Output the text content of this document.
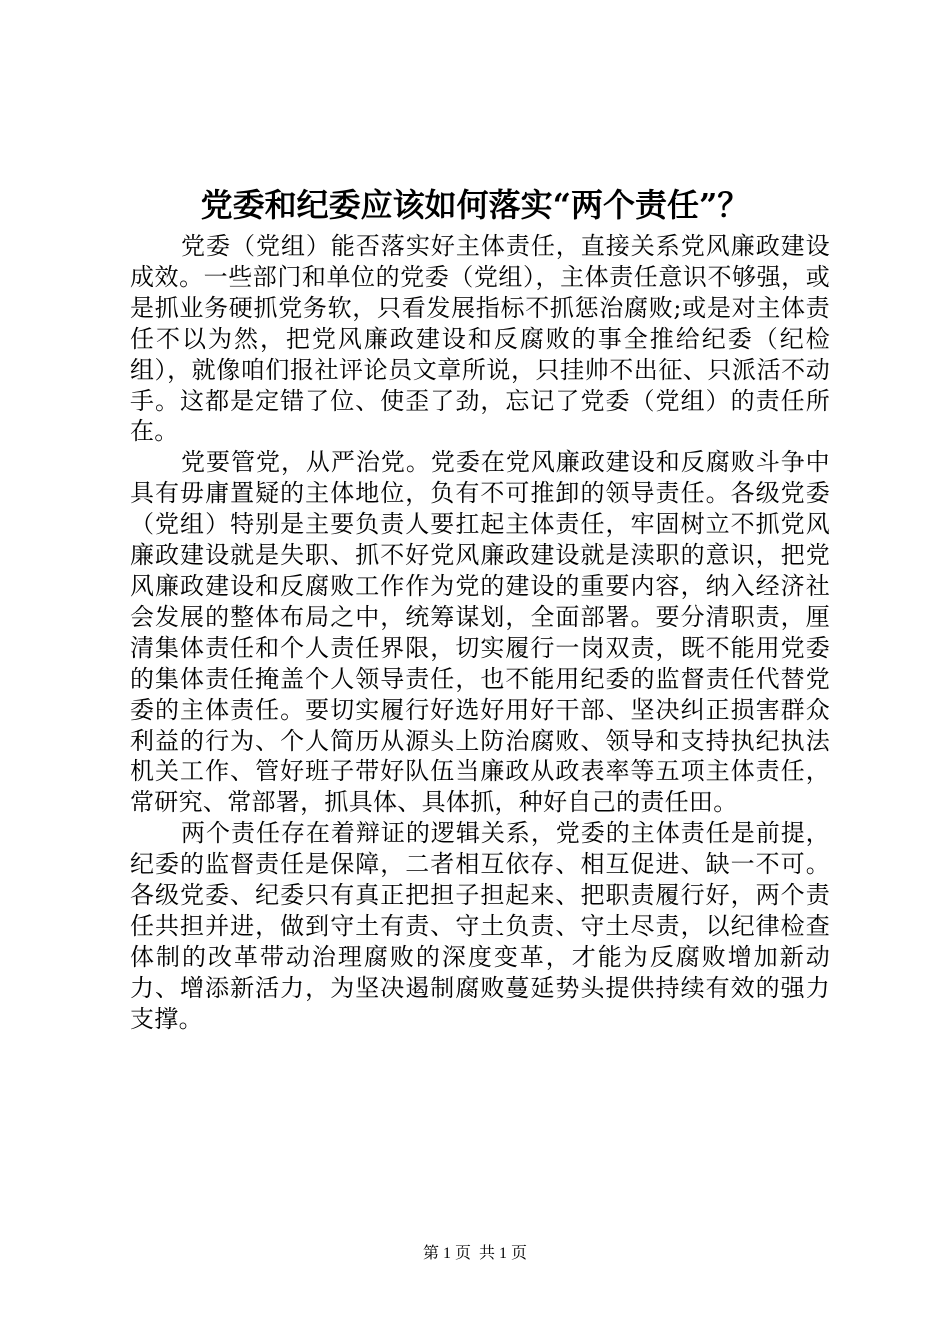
党委和纪委应该如何落实“两个责任”？

党委（党组）能否落实好主体责任，直接关系党风廉政建设成效。一些部门和单位的党委（党组），主体责任意识不够强，或是抓业务硬抓党务软，只看发展指标不抓惩治腐败;或是对主体责任不以为然，把党风廉政建设和反腐败的事全推给纪委（纪检组），就像咱们报社评论员文章所说，只挂帅不出征、只派活不动手。这都是定错了位、使歪了劲，忘记了党委（党组）的责任所在。

党要管党，从严治党。党委在党风廉政建设和反腐败斗争中具有毋庸置疑的主体地位，负有不可推卸的领导责任。各级党委（党组）特别是主要负责人要扛起主体责任，牢固树立不抓党风廉政建设就是失职、抓不好党风廉政建设就是渎职的意识，把党风廉政建设和反腐败工作作为党的建设的重要内容，纳入经济社会发展的整体布局之中，统筹谋划，全面部署。要分清职责，厘清集体责任和个人责任界限，切实履行一岗双责，既不能用党委的集体责任掩盖个人领导责任，也不能用纪委的监督责任代替党委的主体责任。要切实履行好选好用好干部、坚决纠正损害群众利益的行为、个人简历从源头上防治腐败、领导和支持执纪执法机关工作、管好班子带好队伍当廉政从政表率等五项主体责任，常研究、常部署，抓具体、具体抓，种好自己的责任田。

两个责任存在着辩证的逻辑关系，党委的主体责任是前提，纪委的监督责任是保障，二者相互依存、相互促进、缺一不可。各级党委、纪委只有真正把担子担起来、把职责履行好，两个责任共担并进，做到守土有责、守土负责、守土尽责，以纪律检查体制的改革带动治理腐败的深度变革，才能为反腐败增加新动力、增添新活力，为坚决遏制腐败蔓延势头提供持续有效的强力支撑。

第 1 页  共 1 页
